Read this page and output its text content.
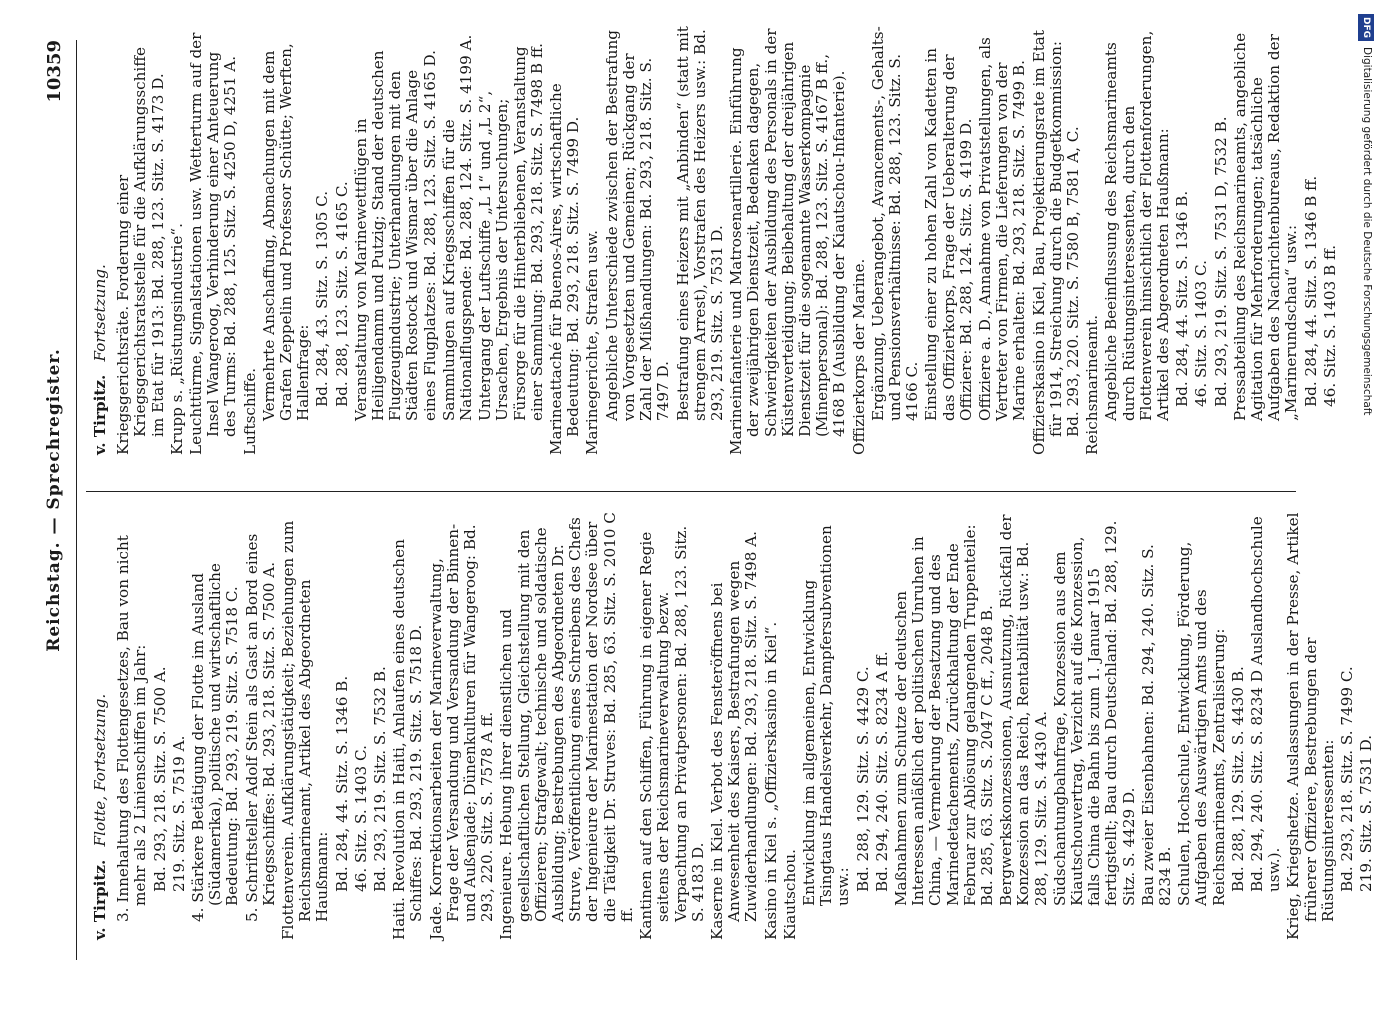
Reichstag. — Sprechregister.
10359
v. Tirpitz. Flotte, Fortsetzung. 3. Innehaltung des Flottengesetzes, Bau von nicht mehr als 2 Linienschiffen im Jahr: Bd. 293, 218. Sitz. S. 7500 A. 219. Sitz. S. 7519 A. 4. Stärkere Betätigung der Flotte im Ausland (Südamerika), politische und wirtschaftliche Bedeutung: Bd. 293, 219. Sitz. S. 7518 C. 5. Schriftsteller Adolf Stein als Gast an Bord eines Kriegsschiffes: Bd. 293, 218. Sitz. S. 7500 A. Flottenverein. Aufklärungstätigkeit; Beziehungen zum Reichsmarineamt, Artikel des Abgeordneten Haußmann: Bd. 284, 44. Sitz. S. 1346 B. 46. Sitz. S. 1403 C. Bd. 293, 219. Sitz. S. 7532 B. Haiti. Revolution in Haiti, Anlaufen eines deutschen Schiffes: Bd. 293, 219. Sitz. S. 7518 D. Jade. Korrektionsarbeiten der Marineverwaltung, Frage der Versandung und Versandung der Binnen- und Außenjade; Dünenkulturen für Wangeroog: Bd. 293, 220. Sitz. S. 7578 A ff. Ingenieure. Hebung ihrer dienstlichen und gesellschaftlichen Stellung, Gleichstellung mit den Offizieren; Strafgewalt; technische und soldatische Ausbildung; Bestrebungen des Abgeordneten Dr. Struve, Veröffentlichung eines Schreibens des Chefs der Ingenieure der Marinestation der Nordsee über die Tätigkeit Dr. Struves: Bd. 285, 63. Sitz. S. 2010 C ff. Kantinen auf den Schiffen, Führung in eigener Regie seitens der Reichsmarineverwaltung bezw. Verpachtung an Privatpersonen: Bd. 288, 123. Sitz. S. 4183 D. Kaserne in Kiel. Verbot des Fensteröffnens bei Anwesenheit des Kaisers, Bestrafungen wegen Zuwiderhandlungen: Bd. 293, 218. Sitz. S. 7498 A. Kasino in Kiel s. „Offizierskasino in Kiel“. Kiautschou. Entwicklung im allgemeinen, Entwicklung Tsingtaus Handelsverkehr, Dampfersubventionen usw.: Bd. 288, 129. Sitz. S. 4429 C. Bd. 294, 240. Sitz. S. 8234 A ff. Maßnahmen zum Schutze der deutschen Interessen anläßlich der politischen Unruhen in China, — Vermehrung der Besatzung und des Marinedetachements, Zurückhaltung der Ende Februar zur Ablösung gelangenden Truppenteile: Bd. 285, 63. Sitz. S. 2047 C ff., 2048 B. Bergwerkskonzessionen, Ausnutzung, Rückfall der Konzession an das Reich, Rentabilität usw.: Bd. 288, 129. Sitz. S. 4430 A. Südschantungbahnfrage, Konzession aus dem Kiautschouvertrag, Verzicht auf die Konzession, falls China die Bahn bis zum 1. Januar 1915 fertigstellt; Bau durch Deutschland: Bd. 288, 129. Sitz. S. 4429 D. Bau zweier Eisenbahnen: Bd. 294, 240. Sitz. S. 8234 B. Schulen, Hochschule, Entwicklung, Förderung, Aufgaben des Auswärtigen Amts und des Reichsmarineamts, Zentralisierung: Bd. 288, 129. Sitz. S. 4430 B. Bd. 294, 240. Sitz. S. 8234 D Auslandhochschule usw.). Krieg, Kriegshetze. Auslassungen in der Presse, Artikel früherer Offiziere, Bestrebungen der Rüstungsinteressenten: Bd. 293, 218. Sitz. S. 7499 C. 219. Sitz. S. 7531 D.

v. Tirpitz. Fortsetzung. Kriegsgerichtsräte. Forderung einer Kriegsgerichtsratsstelle für die Aufklärungsschiffe im Etat für 1913: Bd. 288, 123. Sitz. S. 4173 D. Krupp s. „Rüstungsindustrie“. Leuchttürme, Signalstationen usw. Wetterturm auf der Insel Wangeroog, Verhinderung einer Anteuerung des Turms: Bd. 288, 125. Sitz. S. 4250 D, 4251 A. Luftschiffe. Vermehrte Anschaffung, Abmachungen mit dem Grafen Zeppelin und Professor Schütte; Werften, Hallenfrage: Bd. 284, 43. Sitz. S. 1305 C. Bd. 288, 123. Sitz. S. 4165 C. Veranstaltung von Marinewettflügen in Heiligendamm und Putzig; Stand der deutschen Flugzeugindustrie; Unterhandlungen mit den Städten Rostock und Wismar über die Anlage eines Flugplatzes: Bd. 288, 123. Sitz. S. 4165 D. Sammlungen auf Kriegsschiffen für die Nationalflugspende: Bd. 288, 124. Sitz. S. 4199 A. Untergang der Luftschiffe „L 1“ und „L 2“, Ursachen, Ergebnis der Untersuchungen; Fürsorge für die Hinterbliebenen, Veranstaltung einer Sammlung: Bd. 293, 218. Sitz. S. 7498 B ff. Marineattaché für Buenos-Aires, wirtschaftliche Bedeutung: Bd. 293, 218. Sitz. S. 7499 D. Marinegerichte, Strafen usw. Angebliche Unterschiede zwischen der Bestrafung von Vorgesetzten und Gemeinen; Rückgang der Zahl der Mißhandlungen: Bd. 293, 218. Sitz. S. 7497 D. Bestrafung eines Heizers mit „Anbinden“ (statt mit strengem Arrest), Vorstrafen des Heizers usw.: Bd. 293, 219. Sitz. S. 7531 D. Marineinfanterie und Matrosenartillerie. Einführung der zweijährigen Dienstzeit, Bedenken dagegen, Schwierigkeiten der Ausbildung des Personals in der Küstenverteidigung; Beibehaltung der dreijährigen Dienstzeit für die sogenannte Wasserkompagnie (Minenpersonal): Bd. 288, 123. Sitz. S. 4167 B ff., 4168 B (Ausbildung der Kiautschou-Infanterie). Offizierkorps der Marine. Ergänzung, Ueberangebot, Avancements-, Gehalts- und Pensionsverhältnisse: Bd. 288, 123. Sitz. S. 4166 C. Einstellung einer zu hohen Zahl von Kadetten in das Offizierkorps, Frage der Ueberalterung der Offiziere: Bd. 288, 124. Sitz. S. 4199 D. Offiziere a. D., Annahme von Privatstellungen, als Vertreter von Firmen, die Lieferungen von der Marine erhalten: Bd. 293, 218. Sitz. S. 7499 B. Offizierskasino in Kiel, Bau, Projektierungsrate im Etat für 1914, Streichung durch die Budgetkommission: Bd. 293, 220. Sitz. S. 7580 B, 7581 A, C. Reichsmarineamt. Angebliche Beeinflussung des Reichsmarineamts durch Rüstungsinteressenten, durch den Flottenverein hinsichtlich der Flottenforderungen, Artikel des Abgeordneten Haußmann: Bd. 284, 44. Sitz. S. 1346 B. 46. Sitz. S. 1403 C. Bd. 293, 219. Sitz. S. 7531 D, 7532 B. Pressabteilung des Reichsmarineamts, angebliche Agitation für Mehrforderungen; tatsächliche Aufgaben des Nachrichtenbureaus, Redaktion der „Marinerundschau“ usw.: Bd. 284, 44. Sitz. S. 1346 B ff. 46. Sitz. S. 1403 B ff.

DFGDigitalisierung gefördert durch die Deutsche Forschungsgemeinschaft
